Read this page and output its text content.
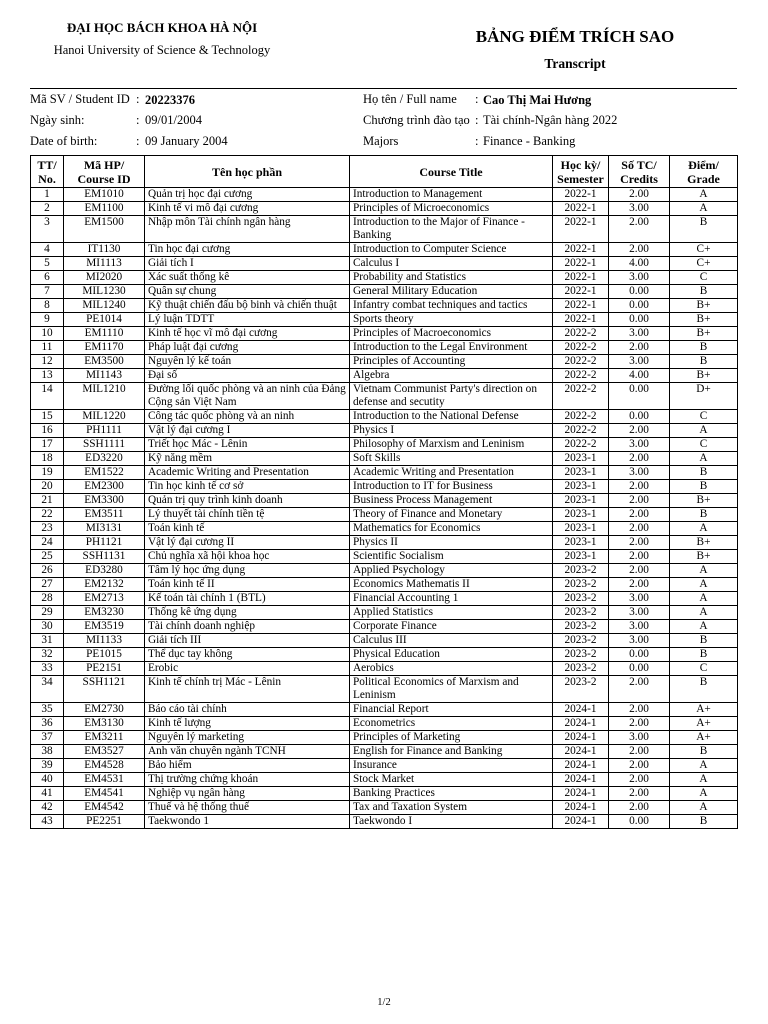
ĐẠI HỌC BÁCH KHOA HÀ NỘI
Hanoi University of Science & Technology
BẢNG ĐIỂM TRÍCH SAO
Transcript
Mã SV / Student ID : 20223376	Họ tên / Full name : Cao Thị Mai Hương
Ngày sinh:	: 09/01/2004	Chương trình đào tạo : Tài chính-Ngân hàng 2022
Date of birth:	: 09 January 2004	Majors	: Finance - Banking
TT/ No.	Mã HP/ Course ID	Tên học phần	Course Title	Học kỳ/ Semester	Số TC/ Credits	Điểm/ Grade
1	EM1010	Quản trị học đại cương	Introduction to Management	2022-1	2.00	A
2	EM1100	Kinh tế vi mô đại cương	Principles of Microeconomics	2022-1	3.00	A
3	EM1500	Nhập môn Tài chính ngân hàng	Introduction to the Major of Finance - Banking	2022-1	2.00	B
4	IT1130	Tin học đại cương	Introduction to Computer Science	2022-1	2.00	C+
5	MI1113	Giải tích I	Calculus I	2022-1	4.00	C+
6	MI2020	Xác suất thống kê	Probability and Statistics	2022-1	3.00	C
7	MIL1230	Quân sự chung	General Military Education	2022-1	0.00	B
8	MIL1240	Kỹ thuật chiến đấu bộ binh và chiến thuật	Infantry combat techniques and tactics	2022-1	0.00	B+
9	PE1014	Lý luận TDTT	Sports theory	2022-1	0.00	B+
10	EM1110	Kinh tế học vĩ mô đại cương	Principles of Macroeconomics	2022-2	3.00	B+
11	EM1170	Pháp luật đại cương	Introduction to the Legal Environment	2022-2	2.00	B
12	EM3500	Nguyên lý kế toán	Principles of Accounting	2022-2	3.00	B
13	MI1143	Đại số	Algebra	2022-2	4.00	B+
14	MIL1210	Đường lối quốc phòng và an ninh của Đảng Cộng sản Việt Nam	Vietnam Communist Party's direction on defense and secutity	2022-2	0.00	D+
15	MIL1220	Công tác quốc phòng và an ninh	Introduction to the National Defense	2022-2	0.00	C
16	PH1111	Vật lý đại cương I	Physics I	2022-2	2.00	A
17	SSH1111	Triết học Mác - Lênin	Philosophy of Marxism and Leninism	2022-2	3.00	C
18	ED3220	Kỹ năng mềm	Soft Skills	2023-1	2.00	A
19	EM1522	Academic Writing and Presentation	Academic Writing and Presentation	2023-1	3.00	B
20	EM2300	Tin học kinh tế cơ sở	Introduction to IT for Business	2023-1	2.00	B
21	EM3300	Quản trị quy trình kinh doanh	Business Process Management	2023-1	2.00	B+
22	EM3511	Lý thuyết tài chính tiền tệ	Theory of Finance and Monetary	2023-1	2.00	B
23	MI3131	Toán kinh tế	Mathematics for Economics	2023-1	2.00	A
24	PH1121	Vật lý đại cương II	Physics II	2023-1	2.00	B+
25	SSH1131	Chủ nghĩa xã hội khoa học	Scientific Socialism	2023-1	2.00	B+
26	ED3280	Tâm lý học ứng dụng	Applied Psychology	2023-2	2.00	A
27	EM2132	Toán kinh tế II	Economics Mathematis II	2023-2	2.00	A
28	EM2713	Kế toán tài chính 1 (BTL)	Financial Accounting 1	2023-2	3.00	A
29	EM3230	Thống kê ứng dụng	Applied Statistics	2023-2	3.00	A
30	EM3519	Tài chính doanh nghiệp	Corporate Finance	2023-2	3.00	A
31	MI1133	Giải tích III	Calculus III	2023-2	3.00	B
32	PE1015	Thể dục tay không	Physical Education	2023-2	0.00	B
33	PE2151	Erobic	Aerobics	2023-2	0.00	C
34	SSH1121	Kinh tế chính trị Mác - Lênin	Political Economics of Marxism and Leninism	2023-2	2.00	B
35	EM2730	Báo cáo tài chính	Financial Report	2024-1	2.00	A+
36	EM3130	Kinh tế lượng	Econometrics	2024-1	2.00	A+
37	EM3211	Nguyên lý marketing	Principles of Marketing	2024-1	3.00	A+
38	EM3527	Anh văn chuyên ngành TCNH	English for Finance and Banking	2024-1	2.00	B
39	EM4528	Bảo hiểm	Insurance	2024-1	2.00	A
40	EM4531	Thị trường chứng khoán	Stock Market	2024-1	2.00	A
41	EM4541	Nghiệp vụ ngân hàng	Banking Practices	2024-1	2.00	A
42	EM4542	Thuế và hệ thống thuế	Tax and Taxation System	2024-1	2.00	A
43	PE2251	Taekwondo 1	Taekwondo I	2024-1	0.00	B
1/2
